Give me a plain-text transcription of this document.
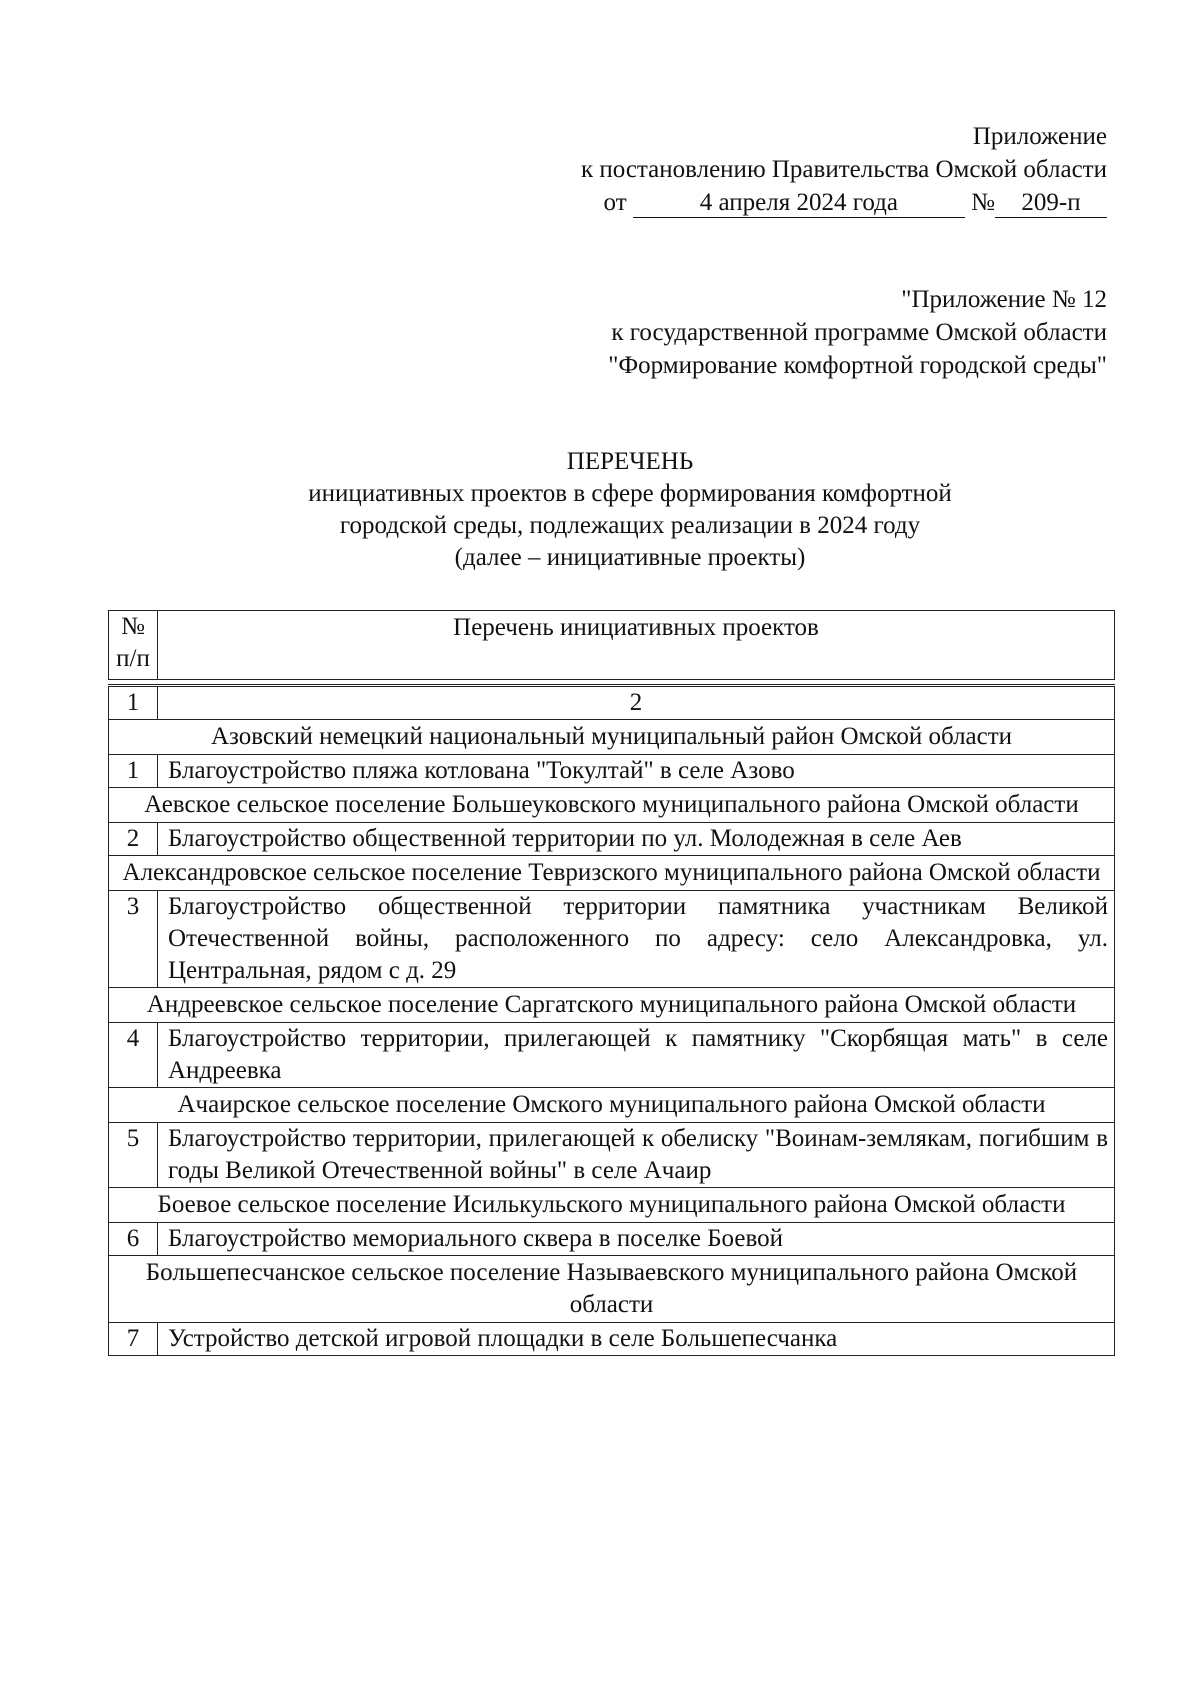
Приложение
к постановлению Правительства Омской области
от	4 апреля 2024 года	№ 209-п
"Приложение № 12
к государственной программе Омской области
"Формирование комфортной городской среды"
ПЕРЕЧЕНЬ
инициативных проектов в сфере формирования комфортной
городской среды, подлежащих реализации в 2024 году
(далее – инициативные проекты)
№ п/п	Перечень инициативных проектов

1	2
Азовский немецкий национальный муниципальный район Омской области	
1	Благоустройство пляжа котлована "Токултай" в селе Азово
Аевское сельское поселение Большеуковского муниципального района Омской области	
2	Благоустройство общественной территории по ул. Молодежная в селе Аев
Александровское сельское поселение Тевризского муниципального района Омской области	
3	Благоустройство общественной территории памятника участникам Великой Отечественной войны, расположенного по адресу: село Александровка, ул. Центральная, рядом с д. 29
Андреевское сельское поселение Саргатского муниципального района Омской области	
4	Благоустройство территории, прилегающей к памятнику "Скорбящая мать" в селе Андреевка
Ачаирское сельское поселение Омского муниципального района Омской области	
5	Благоустройство территории, прилегающей к обелиску "Воинам-землякам, погибшим в годы Великой Отечественной войны" в селе Ачаир
Боевое сельское поселение Исилькульского муниципального района Омской области	
6	Благоустройство мемориального сквера в поселке Боевой
Большепесчанское сельское поселение Называевского муниципального района Омской области	
7	Устройство детской игровой площадки в селе Большепесчанка
